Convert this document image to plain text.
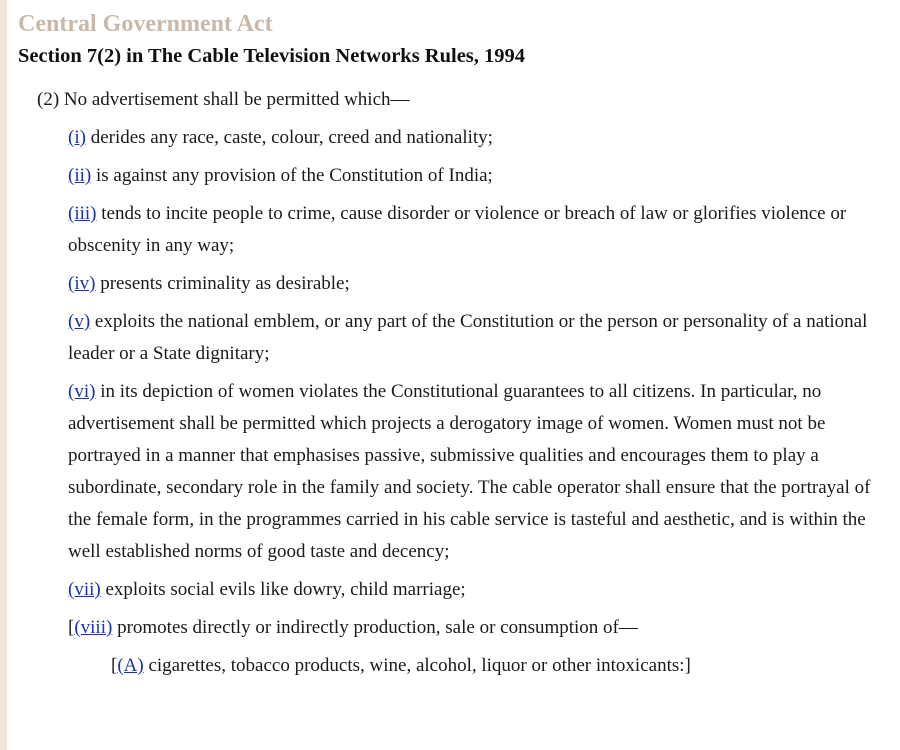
Central Government Act
Section 7(2) in The Cable Television Networks Rules, 1994
(2) No advertisement shall be permitted which—
(i) derides any race, caste, colour, creed and nationality;
(ii) is against any provision of the Constitution of India;
(iii) tends to incite people to crime, cause disorder or violence or breach of law or glorifies violence or obscenity in any way;
(iv) presents criminality as desirable;
(v) exploits the national emblem, or any part of the Constitution or the person or personality of a national leader or a State dignitary;
(vi) in its depiction of women violates the Constitutional guarantees to all citizens. In particular, no advertisement shall be permitted which projects a derogatory image of women. Women must not be portrayed in a manner that emphasises passive, submissive qualities and encourages them to play a subordinate, secondary role in the family and society. The cable operator shall ensure that the portrayal of the female form, in the programmes carried in his cable service is tasteful and aesthetic, and is within the well established norms of good taste and decency;
(vii) exploits social evils like dowry, child marriage;
[(viii) promotes directly or indirectly production, sale or consumption of—
[(A) cigarettes, tobacco products, wine, alcohol, liquor or other intoxicants:]
